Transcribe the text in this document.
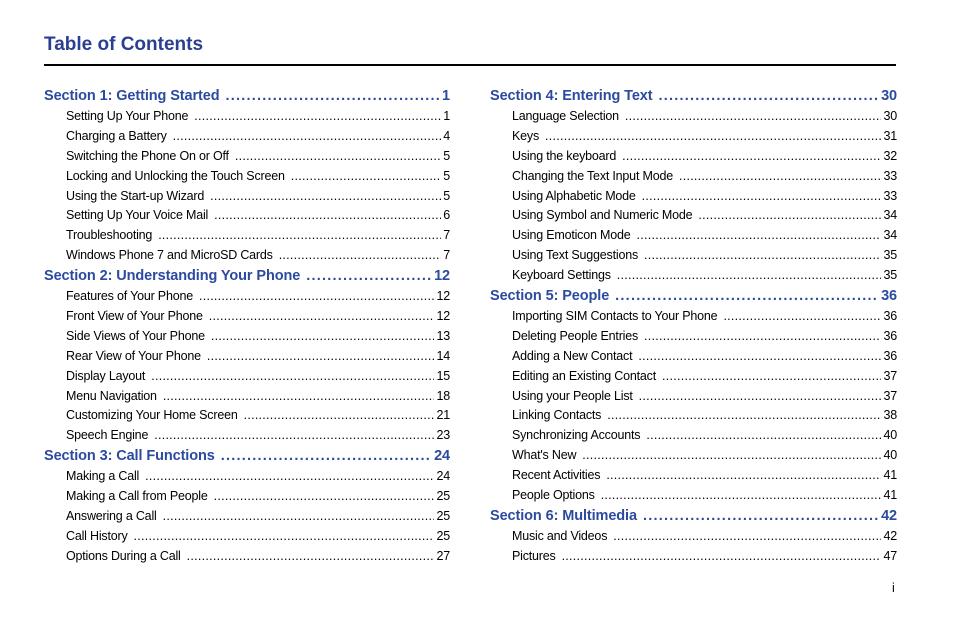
Table of Contents
Section 1: Getting Started . . .	1
Setting Up Your Phone . . .	1
Charging a Battery . . .	4
Switching the Phone On or Off . . .	5
Locking and Unlocking the Touch Screen . . .	5
Using the Start-up Wizard . . .	5
Setting Up Your Voice Mail . . .	6
Troubleshooting . . .	7
Windows Phone 7 and MicroSD Cards . . .	7
Section 2: Understanding Your Phone . . .	12
Features of Your Phone . . .	12
Front View of Your Phone . . .	12
Side Views of Your Phone . . .	13
Rear View of Your Phone . . .	14
Display Layout . . .	15
Menu Navigation . . .	18
Customizing Your Home Screen . . .	21
Speech Engine . . .	23
Section 3: Call Functions . . .	24
Making a Call . . .	24
Making a Call from People . . .	25
Answering a Call . . .	25
Call History . . .	25
Options During a Call . . .	27
Section 4: Entering Text . . .	30
Language Selection . . .	30
Keys . . .	31
Using the keyboard . . .	32
Changing the Text Input Mode . . .	33
Using Alphabetic Mode . . .	33
Using Symbol and Numeric Mode . . .	34
Using Emoticon Mode . . .	34
Using Text Suggestions . . .	35
Keyboard Settings . . .	35
Section 5: People . . .	36
Importing SIM Contacts to Your Phone . . .	36
Deleting People Entries . . .	36
Adding a New Contact . . .	36
Editing an Existing Contact . . .	37
Using your People List . . .	37
Linking Contacts . . .	38
Synchronizing Accounts . . .	40
What's New . . .	40
Recent Activities . . .	41
People Options . . .	41
Section 6: Multimedia . . .	42
Music and Videos . . .	42
Pictures . . .	47
i
